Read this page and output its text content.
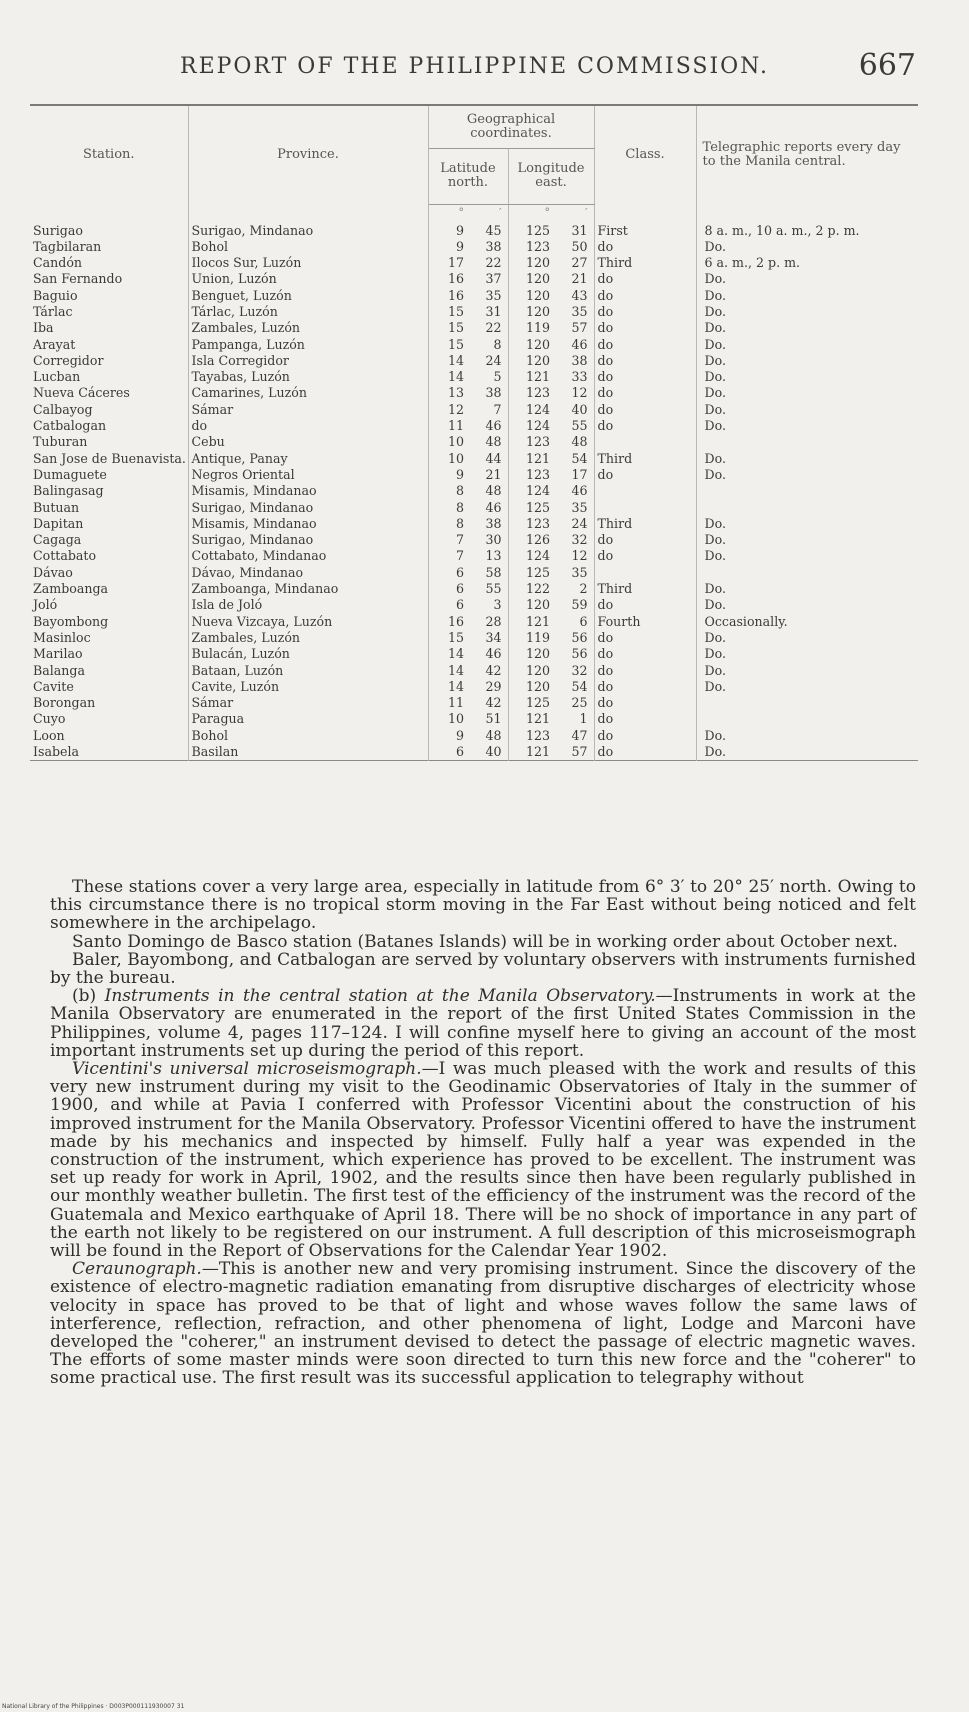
REPORT OF THE PHILIPPINE COMMISSION.	667
Station.	Province.	Geographical coordinates.				Class.	Telegraphic reports every day to the Manila central.
		Latitude north.		Longitude east.			
		°	′	°	′		
Surigao	Surigao, Mindanao	9	45	125	31	First	8 a. m., 10 a. m., 2 p. m.
Tagbilaran	Bohol	9	38	123	50	do	Do.
Candón	Ilocos Sur, Luzón	17	22	120	27	Third	6 a. m., 2 p. m.
San Fernando	Union, Luzón	16	37	120	21	do	Do.
Baguio	Benguet, Luzón	16	35	120	43	do	Do.
Tárlac	Tárlac, Luzón	15	31	120	35	do	Do.
Iba	Zambales, Luzón	15	22	119	57	do	Do.
Arayat	Pampanga, Luzón	15	8	120	46	do	Do.
Corregidor	Isla Corregidor	14	24	120	38	do	Do.
Lucban	Tayabas, Luzón	14	5	121	33	do	Do.
Nueva Cáceres	Camarines, Luzón	13	38	123	12	do	Do.
Calbayog	Sámar	12	7	124	40	do	Do.
Catbalogan	do	11	46	124	55	do	Do.
Tuburan	Cebu	10	48	123	48		
San Jose de Buenavista.	Antique, Panay	10	44	121	54	Third	Do.
Dumaguete	Negros Oriental	9	21	123	17	do	Do.
Balingasag	Misamis, Mindanao	8	48	124	46		
Butuan	Surigao, Mindanao	8	46	125	35		
Dapitan	Misamis, Mindanao	8	38	123	24	Third	Do.
Cagaga	Surigao, Mindanao	7	30	126	32	do	Do.
Cottabato	Cottabato, Mindanao	7	13	124	12	do	Do.
Dávao	Dávao, Mindanao	6	58	125	35		
Zamboanga	Zamboanga, Mindanao	6	55	122	2	Third	Do.
Joló	Isla de Joló	6	3	120	59	do	Do.
Bayombong	Nueva Vizcaya, Luzón	16	28	121	6	Fourth	Occasionally.
Masinloc	Zambales, Luzón	15	34	119	56	do	Do.
Marilao	Bulacán, Luzón	14	46	120	56	do	Do.
Balanga	Bataan, Luzón	14	42	120	32	do	Do.
Cavite	Cavite, Luzón	14	29	120	54	do	Do.
Borongan	Sámar	11	42	125	25	do	
Cuyo	Paragua	10	51	121	1	do	
Loon	Bohol	9	48	123	47	do	Do.
Isabela	Basilan	6	40	121	57	do	Do.

These stations cover a very large area, especially in latitude from 6° 3′ to 20° 25′ north. Owing to this circumstance there is no tropical storm moving in the Far East without being noticed and felt somewhere in the archipelago.

Santo Domingo de Basco station (Batanes Islands) will be in working order about October next.

Baler, Bayombong, and Catbalogan are served by voluntary observers with instruments furnished by the bureau.

(b) Instruments in the central station at the Manila Observatory.—Instruments in work at the Manila Observatory are enumerated in the report of the first United States Commission in the Philippines, volume 4, pages 117–124. I will confine myself here to giving an account of the most important instruments set up during the period of this report.

Vicentini's universal microseismograph.—I was much pleased with the work and results of this very new instrument during my visit to the Geodinamic Observatories of Italy in the summer of 1900, and while at Pavia I conferred with Professor Vicentini about the construction of his improved instrument for the Manila Observatory. Professor Vicentini offered to have the instrument made by his mechanics and inspected by himself. Fully half a year was expended in the construction of the instrument, which experience has proved to be excellent. The instrument was set up ready for work in April, 1902, and the results since then have been regularly published in our monthly weather bulletin. The first test of the efficiency of the instrument was the record of the Guatemala and Mexico earthquake of April 18. There will be no shock of importance in any part of the earth not likely to be registered on our instrument. A full description of this microseismograph will be found in the Report of Observations for the Calendar Year 1902.

Ceraunograph.—This is another new and very promising instrument. Since the discovery of the existence of electro-magnetic radiation emanating from disruptive discharges of electricity whose velocity in space has proved to be that of light and whose waves follow the same laws of interference, reflection, refraction, and other phenomena of light, Lodge and Marconi have developed the "coherer," an instrument devised to detect the passage of electric magnetic waves. The efforts of some master minds were soon directed to turn this new force and the "coherer" to some practical use. The first result was its successful application to telegraphy without

National Library of the Philippines · D003P000111930007 31
